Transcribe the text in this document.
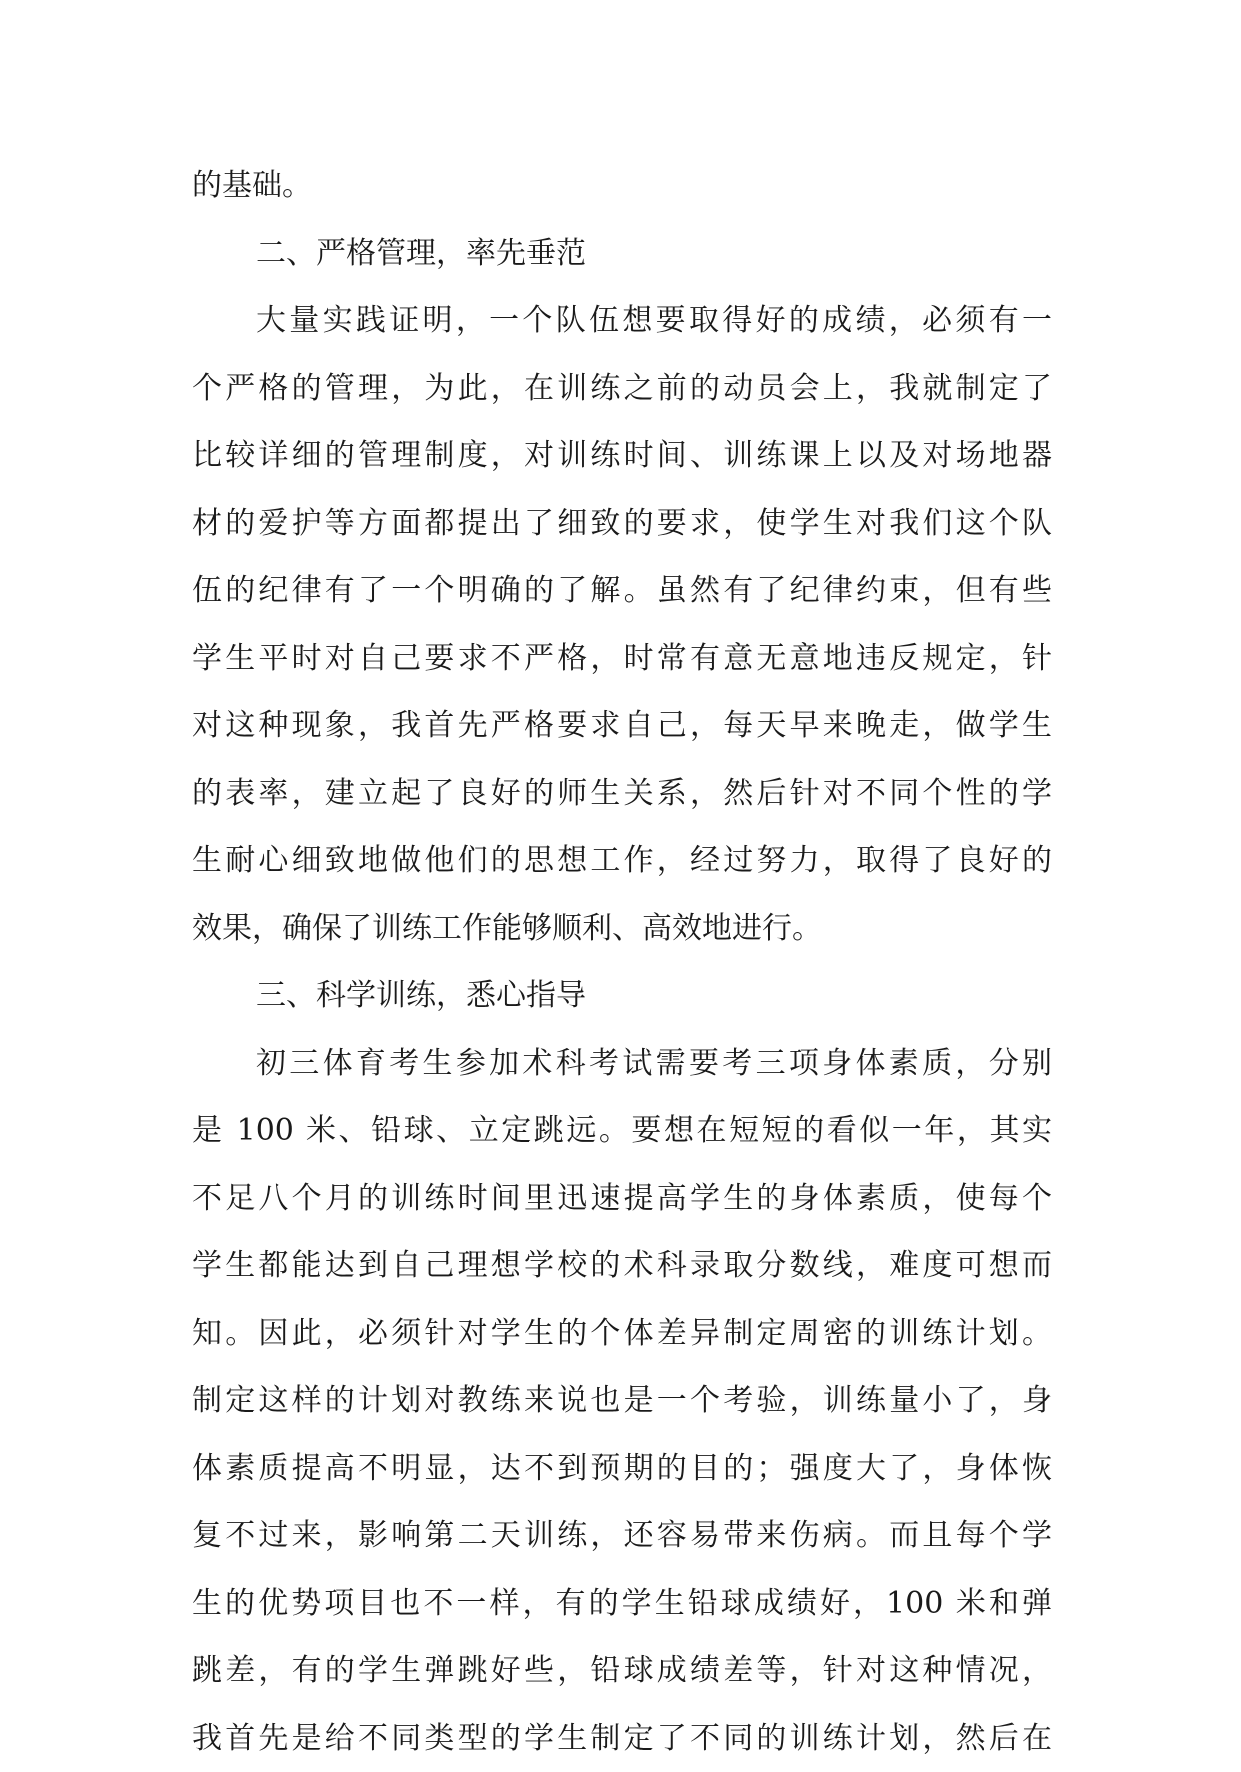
的基础。
二、严格管理，率先垂范
大量实践证明，一个队伍想要取得好的成绩，必须有一
个严格的管理，为此，在训练之前的动员会上，我就制定了
比较详细的管理制度，对训练时间、训练课上以及对场地器
材的爱护等方面都提出了细致的要求，使学生对我们这个队
伍的纪律有了一个明确的了解。虽然有了纪律约束，但有些
学生平时对自己要求不严格，时常有意无意地违反规定，针
对这种现象，我首先严格要求自己，每天早来晚走，做学生
的表率，建立起了良好的师生关系，然后针对不同个性的学
生耐心细致地做他们的思想工作，经过努力，取得了良好的
效果，确保了训练工作能够顺利、高效地进行。
三、科学训练，悉心指导
初三体育考生参加术科考试需要考三项身体素质，分别
是 100 米、铅球、立定跳远。要想在短短的看似一年，其实
不足八个月的训练时间里迅速提高学生的身体素质，使每个
学生都能达到自己理想学校的术科录取分数线，难度可想而
知。因此，必须针对学生的个体差异制定周密的训练计划。
制定这样的计划对教练来说也是一个考验，训练量小了，身
体素质提高不明显，达不到预期的目的；强度大了，身体恢
复不过来，影响第二天训练，还容易带来伤病。而且每个学
生的优势项目也不一样，有的学生铅球成绩好，100 米和弹
跳差，有的学生弹跳好些，铅球成绩差等，针对这种情况，
我首先是给不同类型的学生制定了不同的训练计划，然后在
